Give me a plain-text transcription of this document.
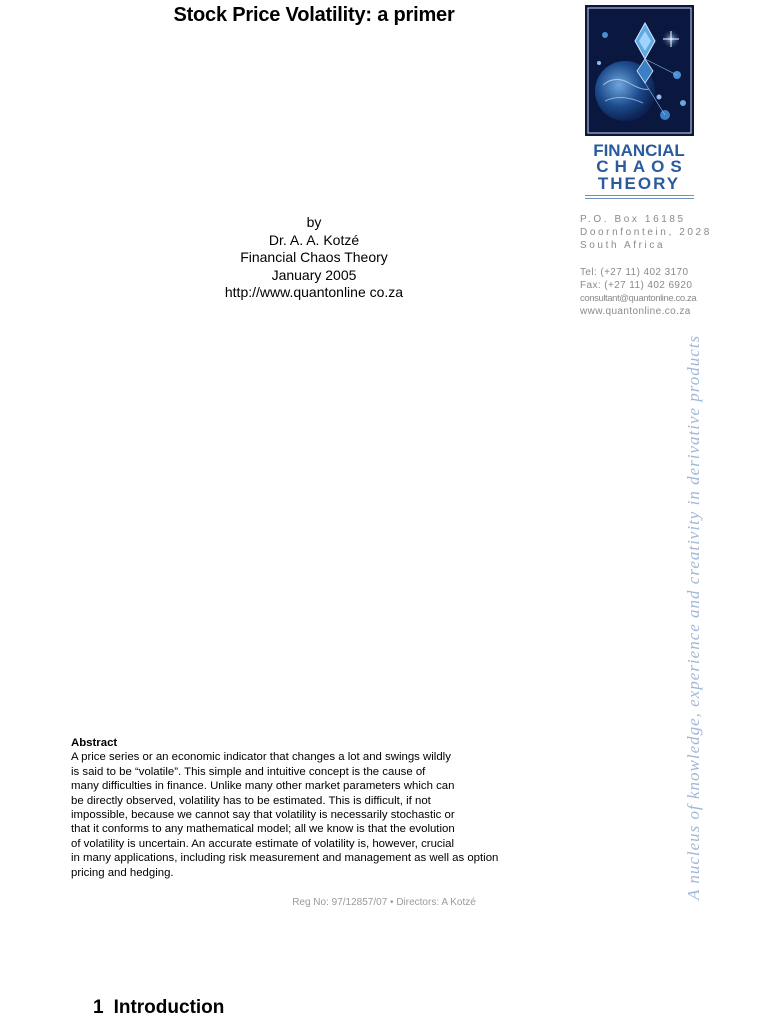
Stock Price Volatility: a primer
by
Dr. A. A. Kotzé
Financial Chaos Theory
January 2005
http://www.quantonline co.za
FINANCIAL
CHAOS
THEORY
P.O. Box 16185
Doornfontein, 2028
South Africa
Tel: (+27 11) 402 3170
Fax: (+27 11) 402 6920
consultant@quantonline.co.za
www.quantonline.co.za
A nucleus of knowledge, experience and creativity in derivative products
Abstract
A price series or an economic indicator that changes a lot and swings wildly
is said to be “volatile”. This simple and intuitive concept is the cause of
many difficulties in finance. Unlike many other market parameters which can
be directly observed, volatility has to be estimated. This is difficult, if not
impossible, because we cannot say that volatility is necessarily stochastic or
that it conforms to any mathematical model; all we know is that the evolution
of volatility is uncertain. An accurate estimate of volatility is, however, crucial
in many applications, including risk measurement and management as well as option
pricing and hedging.
Reg No: 97/12857/07 • Directors: A Kotzé
1 Introduction
